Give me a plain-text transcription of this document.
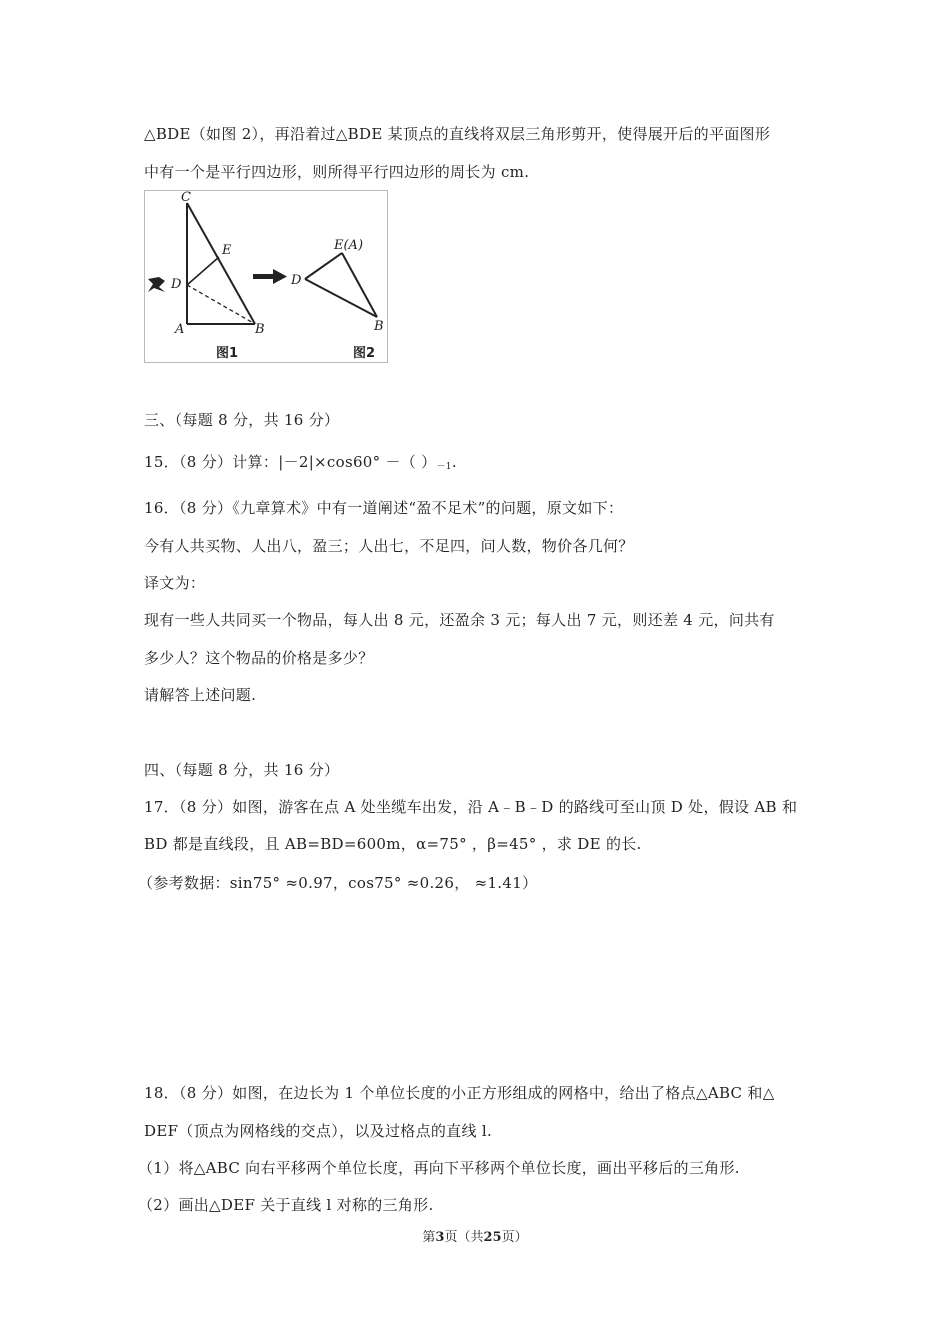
△BDE（如图 2），再沿着过△BDE 某顶点的直线将双层三角形剪开，使得展开后的平面图形
中有一个是平行四边形，则所得平行四边形的周长为 cm.
C
E
D
A	B
E(A)
D
B
图1	图2
三、（每题 8 分，共 16 分）
15．（8 分）计算：|－2|×cos60° －（ ）－1.
16．（8 分）《九章算术》中有一道阐述“盈不足术”的问题，原文如下：
今有人共买物、人出八，盈三；人出七，不足四，问人数，物价各几何？
译文为：
现有一些人共同买一个物品，每人出 8 元，还盈余 3 元；每人出 7 元，则还差 4 元，问共有
多少人？这个物品的价格是多少？
请解答上述问题.
四、（每题 8 分，共 16 分）
17．（8 分）如图，游客在点 A 处坐缆车出发，沿 A﹣B﹣D 的路线可至山顶 D 处，假设 AB 和
BD 都是直线段，且 AB=BD=600m，α=75° ，β=45° ，求 DE 的长.
（参考数据：sin75° ≈0.97，cos75° ≈0.26， ≈1.41）
18．（8 分）如图，在边长为 1 个单位长度的小正方形组成的网格中，给出了格点△ABC 和△
DEF（顶点为网格线的交点），以及过格点的直线 l.
（1）将△ABC 向右平移两个单位长度，再向下平移两个单位长度，画出平移后的三角形.
（2）画出△DEF 关于直线 l 对称的三角形.
第3页（共25页）
